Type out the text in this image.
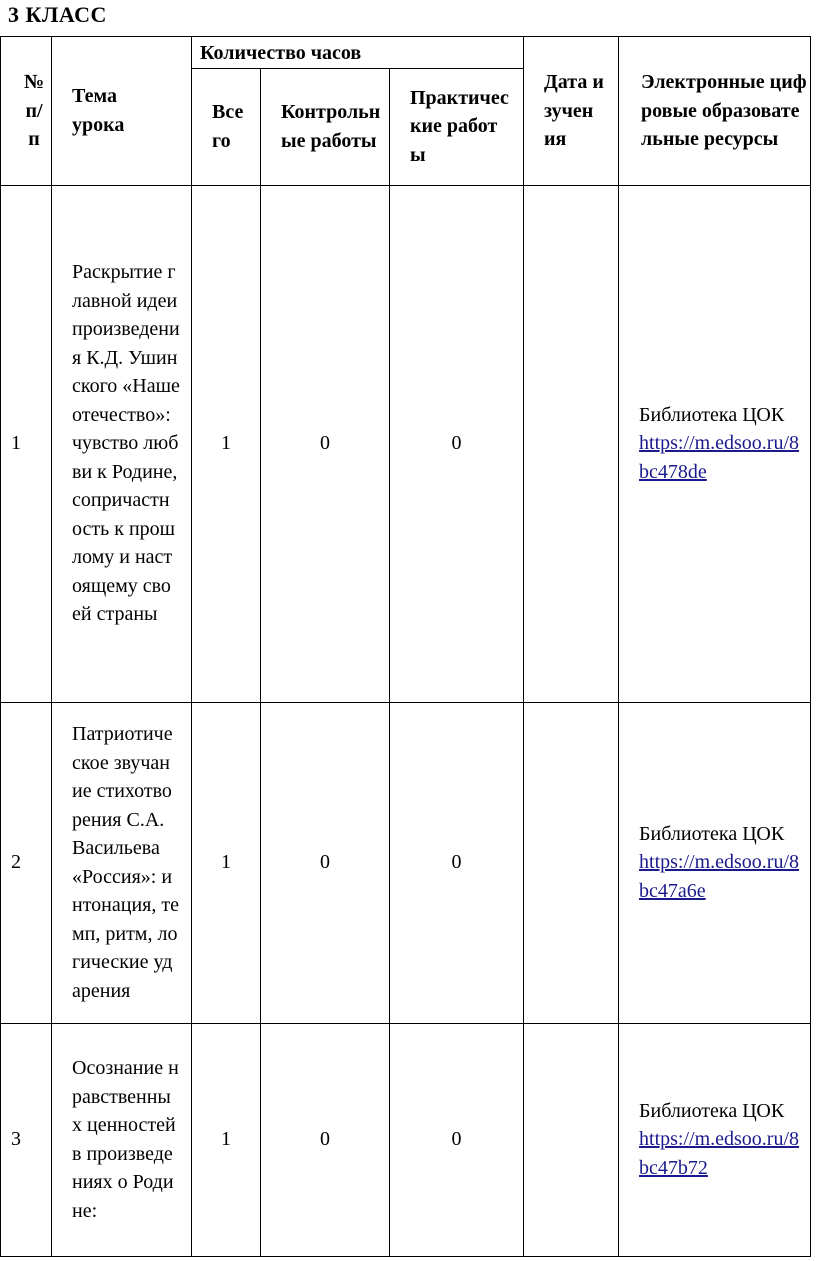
3 КЛАСС
№ п/ п	Тема урока	Количество часов			Дата изучения	Электронные цифровые образовательные ресурсы

		Все го	Контрольные работы	Практические работы		

1	Раскрытие главной идеи произведения К.Д. Ушинского «Наше отечество»: чувство любви к Родине, сопричастность к прошлому и настоящему своей страны	1	0	0		Библиотека ЦОК
https://m.edsoo.ru/8bc478de

2	Патриотическое звучание стихотворения С.А. Васильева «Россия»: интонация, темп, ритм, логические ударения	1	0	0		Библиотека ЦОК
https://m.edsoo.ru/8bc47a6e

3	Осознание нравственных ценностей в произведениях о Родине:	1	0	0		Библиотека ЦОК
https://m.edsoo.ru/8bc47b72
